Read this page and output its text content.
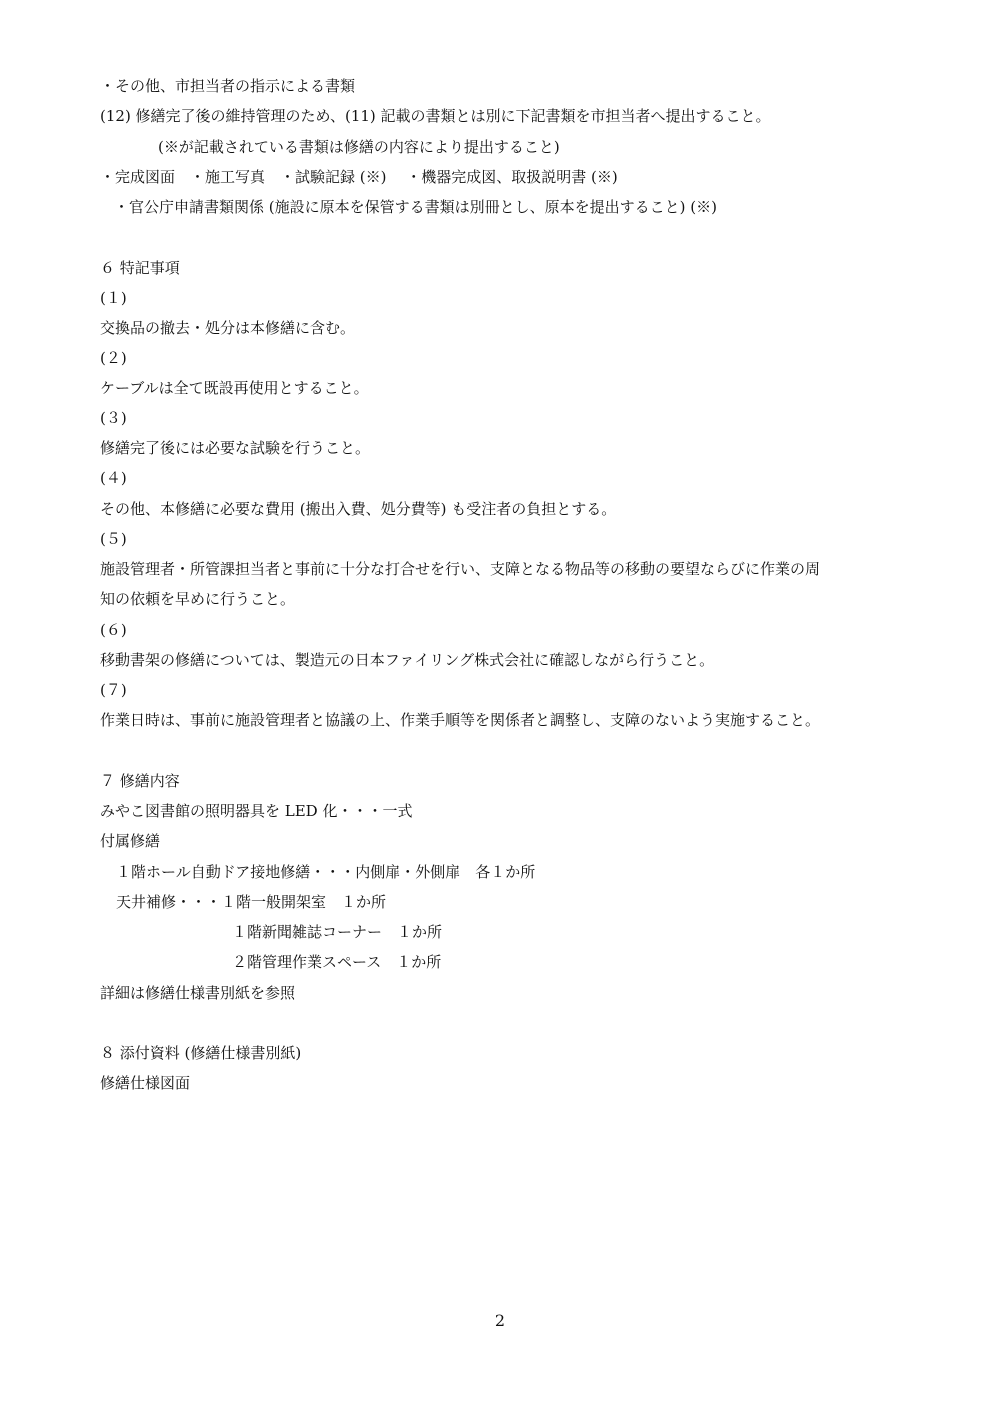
・その他、市担当者の指示による書類
(12) 修繕完了後の維持管理のため、(11) 記載の書類とは別に下記書類を市担当者へ提出すること。
(※が記載されている書類は修繕の内容により提出すること)
・完成図面　・施工写真　・試験記録 (※)　 ・機器完成図、取扱説明書 (※)
・官公庁申請書類関係 (施設に原本を保管する書類は別冊とし、原本を提出すること) (※)
６ 特記事項
(１)
交換品の撤去・処分は本修繕に含む。
(２)
ケーブルは全て既設再使用とすること。
(３)
修繕完了後には必要な試験を行うこと。
(４)
その他、本修繕に必要な費用 (搬出入費、処分費等) も受注者の負担とする。
(５)
施設管理者・所管課担当者と事前に十分な打合せを行い、支障となる物品等の移動の要望ならびに作業の周
知の依頼を早めに行うこと。
(６)
移動書架の修繕については、製造元の日本ファイリング株式会社に確認しながら行うこと。
(７)
作業日時は、事前に施設管理者と協議の上、作業手順等を関係者と調整し、支障のないよう実施すること。
７ 修繕内容
みやこ図書館の照明器具を LED 化・・・一式
付属修繕
１階ホール自動ドア接地修繕・・・内側扉・外側扉　各１か所
天井補修・・・１階一般開架室　１か所
１階新聞雑誌コーナー　１か所
２階管理作業スペース　１か所
詳細は修繕仕様書別紙を参照
８ 添付資料 (修繕仕様書別紙)
修繕仕様図面
2
